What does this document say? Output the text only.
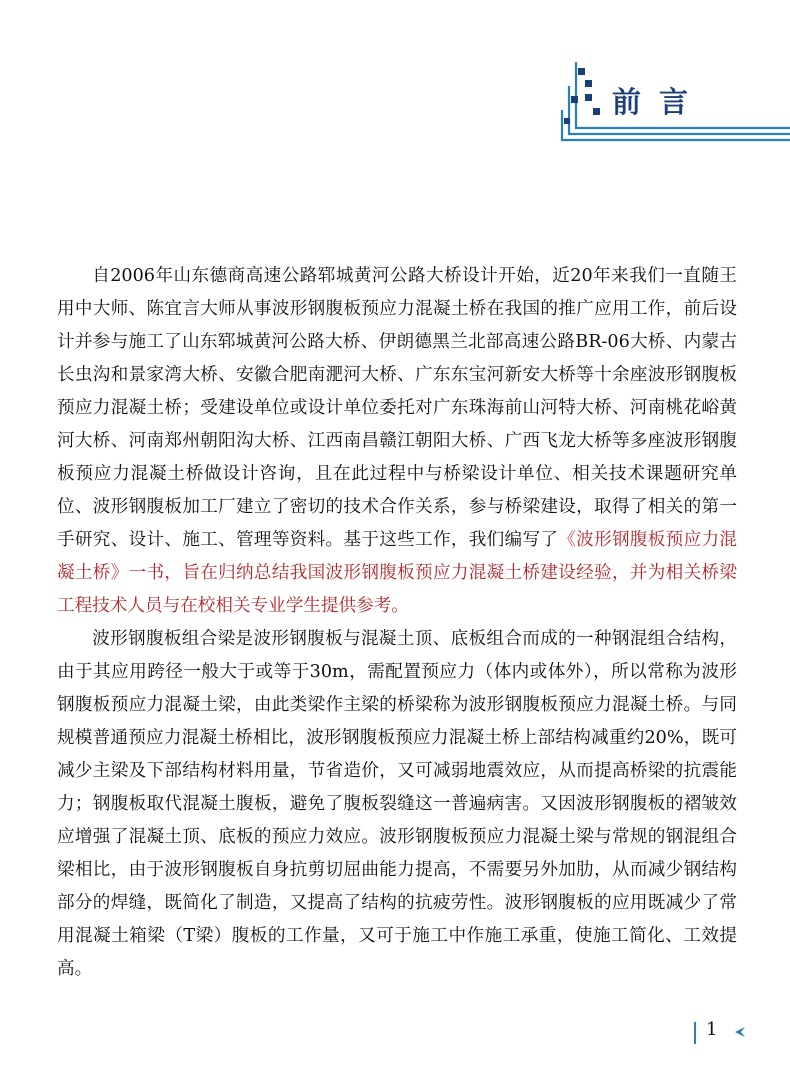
前言

自2006年山东德商高速公路郓城黄河公路大桥设计开始，近20年来我们一直随王用中大师、陈宜言大师从事波形钢腹板预应力混凝土桥在我国的推广应用工作，前后设计并参与施工了山东郓城黄河公路大桥、伊朗德黑兰北部高速公路BR-06大桥、内蒙古长虫沟和景家湾大桥、安徽合肥南淝河大桥、广东东宝河新安大桥等十余座波形钢腹板预应力混凝土桥；受建设单位或设计单位委托对广东珠海前山河特大桥、河南桃花峪黄河大桥、河南郑州朝阳沟大桥、江西南昌赣江朝阳大桥、广西飞龙大桥等多座波形钢腹板预应力混凝土桥做设计咨询，且在此过程中与桥梁设计单位、相关技术课题研究单位、波形钢腹板加工厂建立了密切的技术合作关系，参与桥梁建设，取得了相关的第一手研究、设计、施工、管理等资料。基于这些工作，我们编写了《波形钢腹板预应力混凝土桥》一书，旨在归纳总结我国波形钢腹板预应力混凝土桥建设经验，并为相关桥梁工程技术人员与在校相关专业学生提供参考。

波形钢腹板组合梁是波形钢腹板与混凝土顶、底板组合而成的一种钢混组合结构，由于其应用跨径一般大于或等于30m，需配置预应力（体内或体外），所以常称为波形钢腹板预应力混凝土梁，由此类梁作主梁的桥梁称为波形钢腹板预应力混凝土桥。与同规模普通预应力混凝土桥相比，波形钢腹板预应力混凝土桥上部结构减重约20%，既可减少主梁及下部结构材料用量，节省造价，又可减弱地震效应，从而提高桥梁的抗震能力；钢腹板取代混凝土腹板，避免了腹板裂缝这一普遍病害。又因波形钢腹板的褶皱效应增强了混凝土顶、底板的预应力效应。波形钢腹板预应力混凝土梁与常规的钢混组合梁相比，由于波形钢腹板自身抗剪切屈曲能力提高，不需要另外加肋，从而减少钢结构部分的焊缝，既简化了制造，又提高了结构的抗疲劳性。波形钢腹板的应用既减少了常用混凝土箱梁（T梁）腹板的工作量，又可于施工中作施工承重，使施工简化、工效提高。

1
